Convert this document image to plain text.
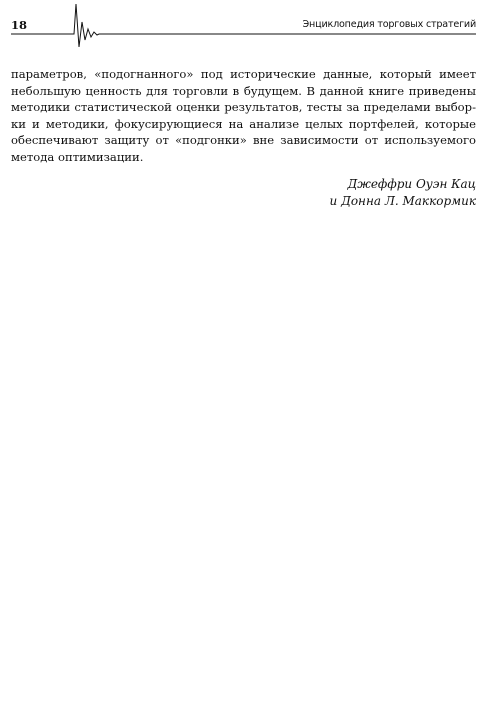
18	Энциклопедия торговых стратегий

параметров, «подогнанного» под исторические данные, который имеет небольшую ценность для торговли в будущем. В данной книге приведены методики статистической оценки результатов, тесты за пределами выборки и методики, фокусирующиеся на анализе целых портфелей, которые обеспечивают защиту от «подгонки» вне зависимости от используемого метода оптимизации.

Джеффри Оуэн Кац
и Донна Л. Маккормик
